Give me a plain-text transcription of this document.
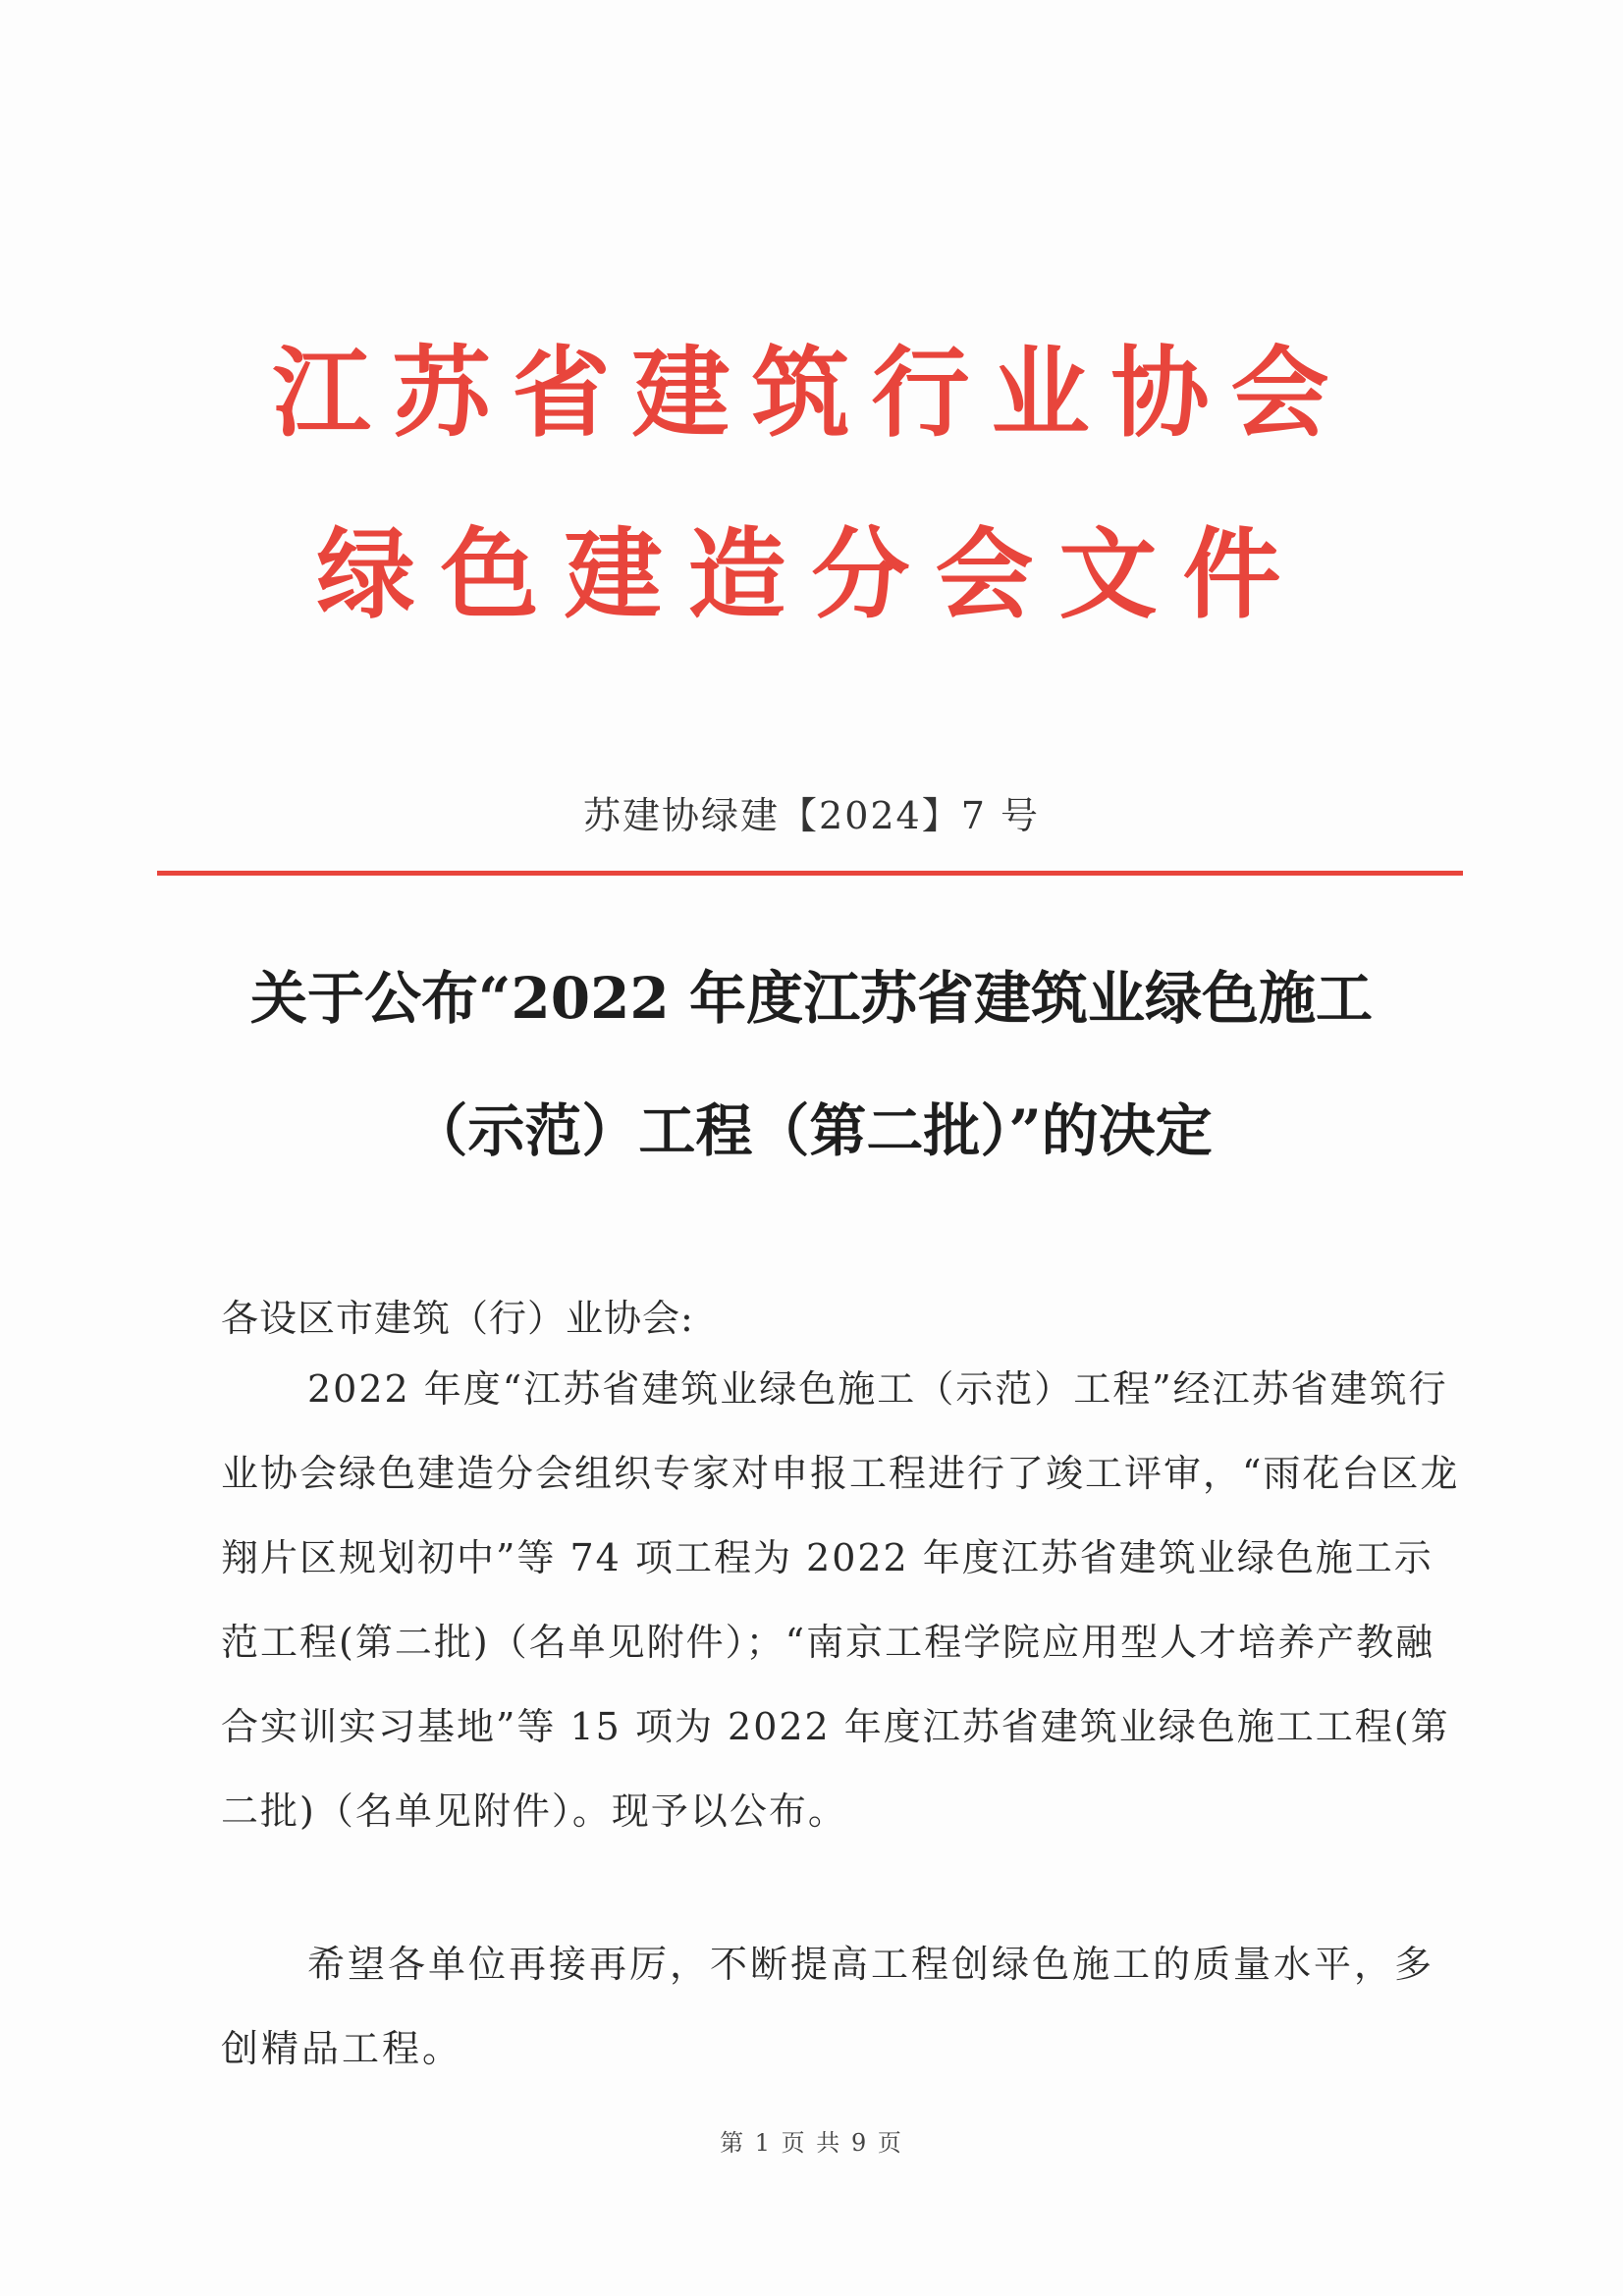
江苏省建筑行业协会
绿色建造分会文件
苏建协绿建【2024】7 号
关于公布“2022 年度江苏省建筑业绿色施工
（示范）工程（第二批）”的决定
各设区市建筑（行）业协会:
2022 年度“江苏省建筑业绿色施工（示范）工程”经江苏省建筑行业协会绿色建造分会组织专家对申报工程进行了竣工评审，“雨花台区龙翔片区规划初中”等 74 项工程为 2022 年度江苏省建筑业绿色施工示范工程(第二批)（名单见附件）；“南京工程学院应用型人才培养产教融合实训实习基地”等 15 项为 2022 年度江苏省建筑业绿色施工工程(第二批)（名单见附件）。现予以公布。
希望各单位再接再厉，不断提高工程创绿色施工的质量水平，多创精品工程。
第 1 页 共 9 页
